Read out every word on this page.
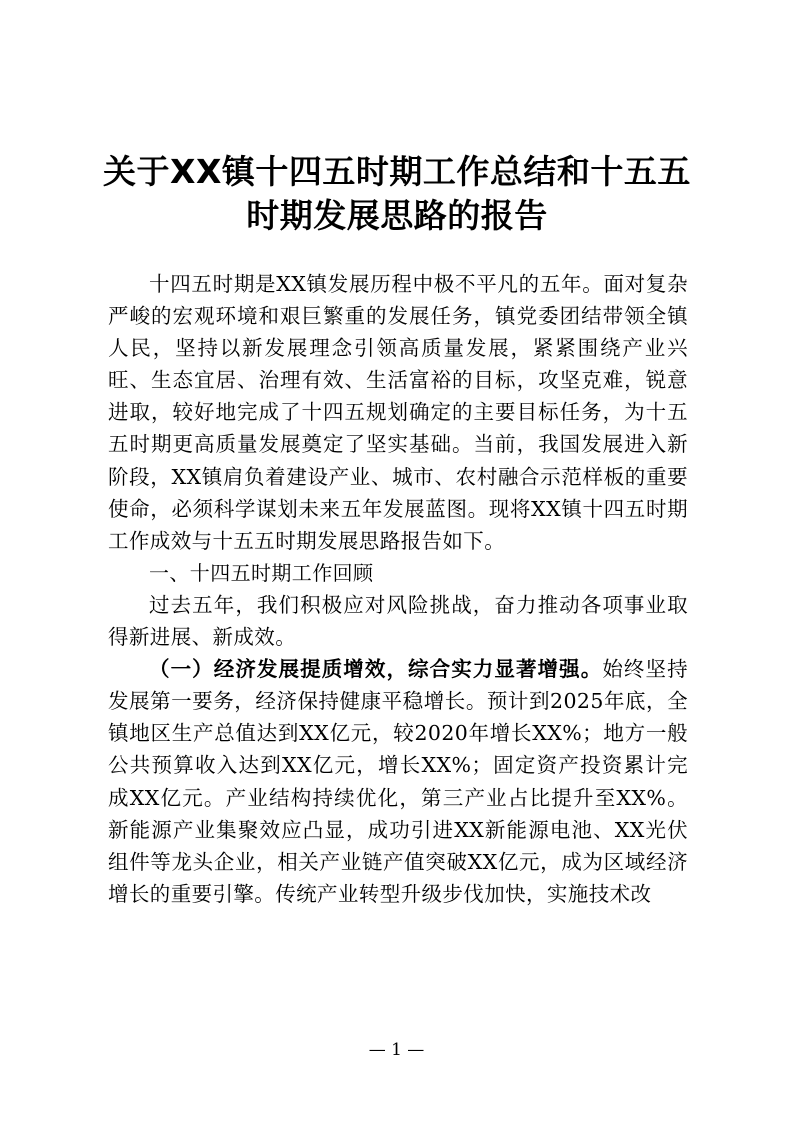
关于XX镇十四五时期工作总结和十五五
时期发展思路的报告

十四五时期是XX镇发展历程中极不平凡的五年。面对复杂严峻的宏观环境和艰巨繁重的发展任务，镇党委团结带领全镇人民，坚持以新发展理念引领高质量发展，紧紧围绕产业兴旺、生态宜居、治理有效、生活富裕的目标，攻坚克难，锐意进取，较好地完成了十四五规划确定的主要目标任务，为十五五时期更高质量发展奠定了坚实基础。当前，我国发展进入新阶段，XX镇肩负着建设产业、城市、农村融合示范样板的重要使命，必须科学谋划未来五年发展蓝图。现将XX镇十四五时期工作成效与十五五时期发展思路报告如下。

一、十四五时期工作回顾

过去五年，我们积极应对风险挑战，奋力推动各项事业取得新进展、新成效。

（一）经济发展提质增效，综合实力显著增强。始终坚持发展第一要务，经济保持健康平稳增长。预计到2025年底，全镇地区生产总值达到XX亿元，较2020年增长XX%；地方一般公共预算收入达到XX亿元，增长XX%；固定资产投资累计完成XX亿元。产业结构持续优化，第三产业占比提升至XX%。新能源产业集聚效应凸显，成功引进XX新能源电池、XX光伏组件等龙头企业，相关产业链产值突破XX亿元，成为区域经济增长的重要引擎。传统产业转型升级步伐加快，实施技术改

— 1 —
